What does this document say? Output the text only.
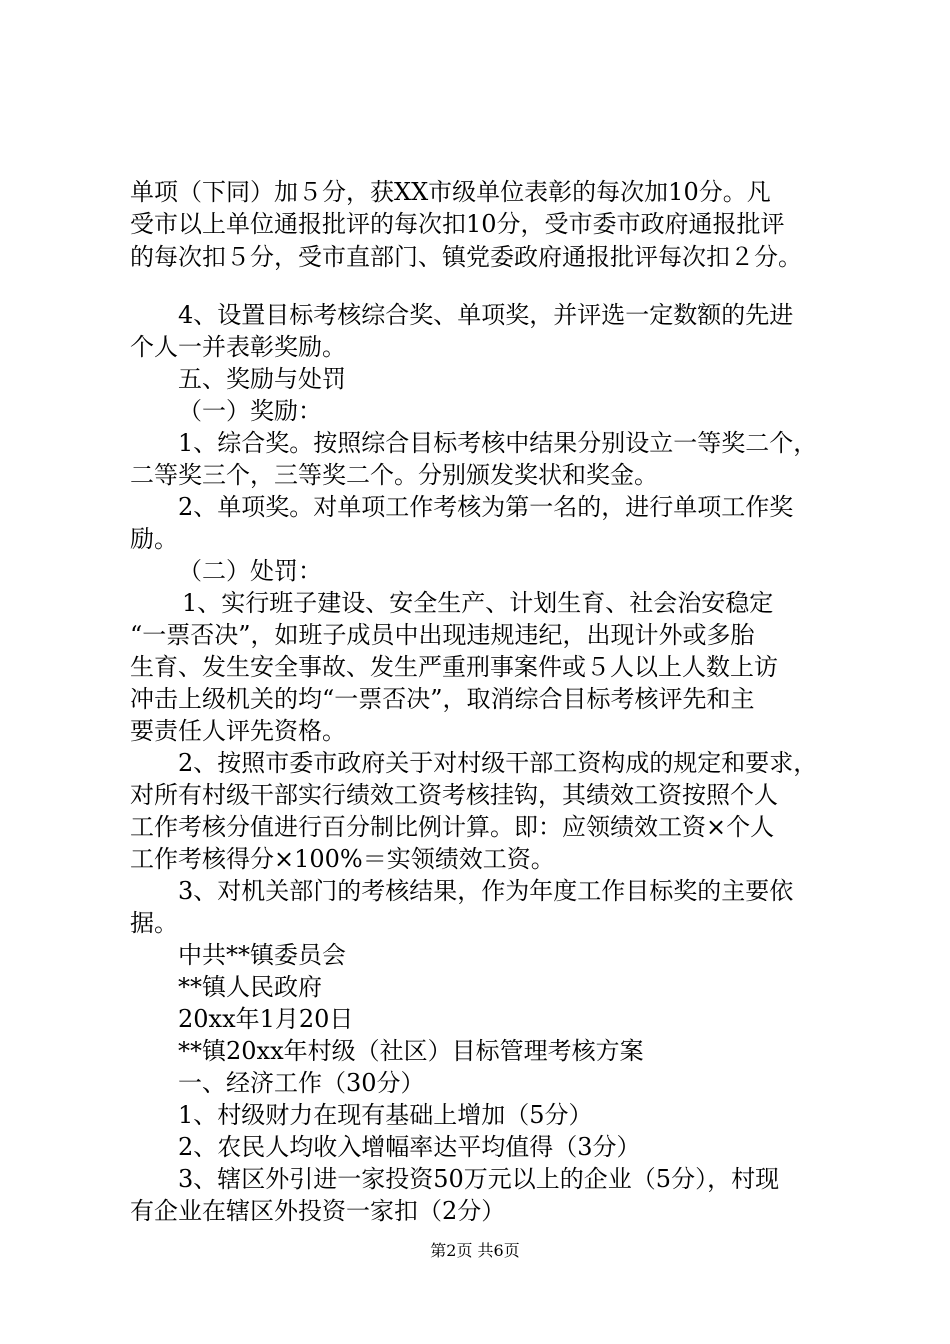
单项（下同）加５分，获XX市级单位表彰的每次加10分。凡
受市以上单位通报批评的每次扣10分，受市委市政府通报批评
的每次扣５分，受市直部门、镇党委政府通报批评每次扣２分。
4、设置目标考核综合奖、单项奖，并评选一定数额的先进
个人一并表彰奖励。
五、奖励与处罚
（一）奖励：
1、综合奖。按照综合目标考核中结果分别设立一等奖二个，
二等奖三个，三等奖二个。分别颁发奖状和奖金。
2、单项奖。对单项工作考核为第一名的，进行单项工作奖
励。
（二）处罚：
1、实行班子建设、安全生产、计划生育、社会治安稳定
“一票否决”，如班子成员中出现违规违纪，出现计外或多胎
生育、发生安全事故、发生严重刑事案件或５人以上人数上访
冲击上级机关的均“一票否决”，取消综合目标考核评先和主
要责任人评先资格。
2、按照市委市政府关于对村级干部工资构成的规定和要求，
对所有村级干部实行绩效工资考核挂钩，其绩效工资按照个人
工作考核分值进行百分制比例计算。即：应领绩效工资×个人
工作考核得分×100%＝实领绩效工资。
3、对机关部门的考核结果，作为年度工作目标奖的主要依
据。
中共**镇委员会
**镇人民政府
20xx年1月20日
**镇20xx年村级（社区）目标管理考核方案
一、经济工作（30分）
1、村级财力在现有基础上增加（5分）
2、农民人均收入增幅率达平均值得（3分）
3、辖区外引进一家投资50万元以上的企业（5分），村现
有企业在辖区外投资一家扣（2分）
第2页 共6页
